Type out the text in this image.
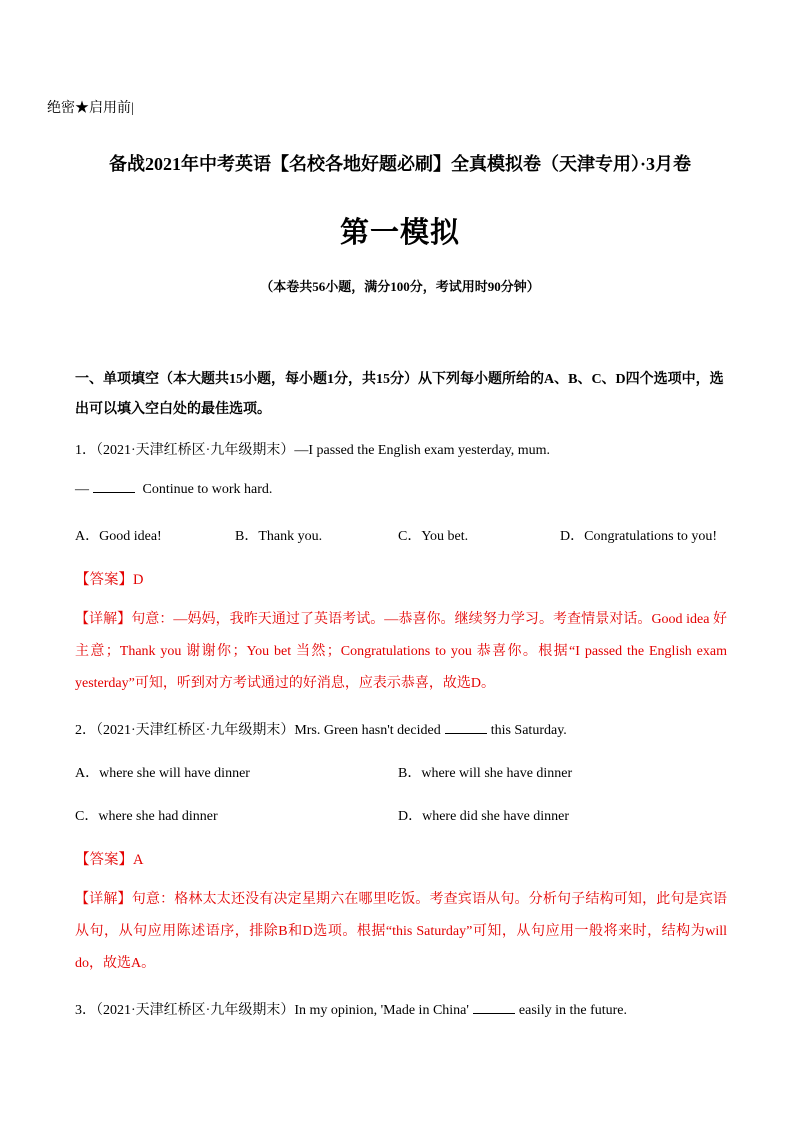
绝密★启用前|
备战2021年中考英语【名校各地好题必刷】全真模拟卷（天津专用）·3月卷
第一模拟
（本卷共56小题，满分100分，考试用时90分钟）
一、单项填空（本大题共15小题，每小题1分，共15分）从下列每小题所给的A、B、C、D四个选项中，选出可以填入空白处的最佳选项。
1．（2021·天津红桥区·九年级期末）—I passed the English exam yesterday, mum.
—	Continue to work hard.
A．Good idea!	B．Thank you.	C．You bet.	D．Congratulations to you!
【答案】D
【详解】句意：—妈妈，我昨天通过了英语考试。—恭喜你。继续努力学习。考查情景对话。Good idea 好主意；Thank you 谢谢你；You bet 当然；Congratulations to you 恭喜你。根据“I passed the English exam yesterday”可知，听到对方考试通过的好消息，应表示恭喜，故选D。
2．（2021·天津红桥区·九年级期末）Mrs. Green hasn't decided	this Saturday.
A．where she will have dinner	B．where will she have dinner
C．where she had dinner	D．where did she have dinner
【答案】A
【详解】句意：格林太太还没有决定星期六在哪里吃饭。考查宾语从句。分析句子结构可知，此句是宾语从句，从句应用陈述语序，排除B和D选项。根据“this Saturday”可知，从句应用一般将来时，结构为will do，故选A。
3．（2021·天津红桥区·九年级期末）In my opinion, 'Made in China'	easily in the future.
